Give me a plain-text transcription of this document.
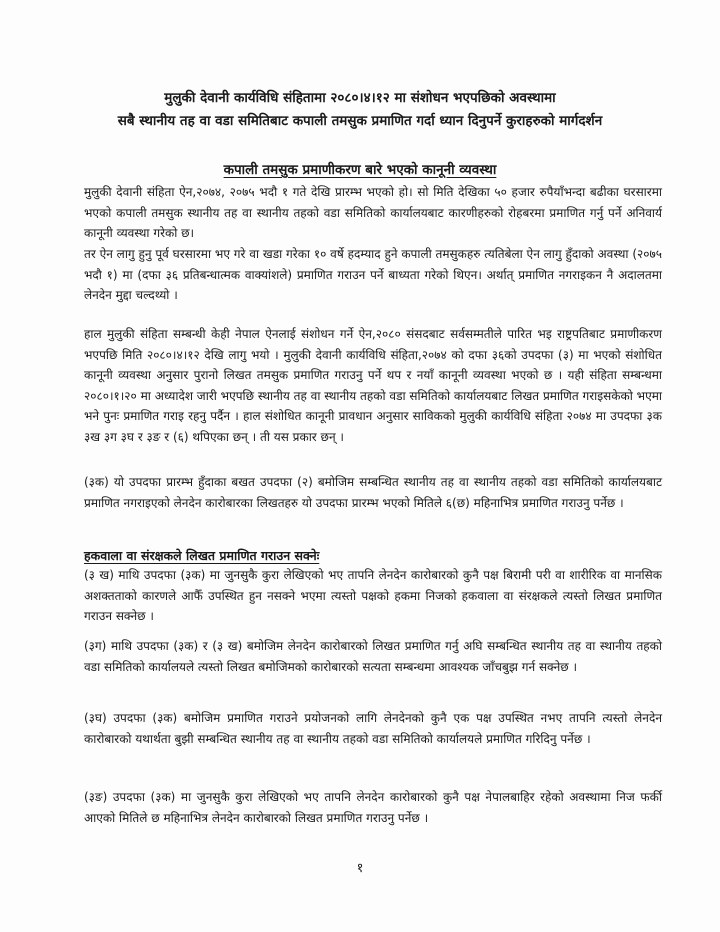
मुलुकी देवानी कार्यविधि संहितामा २०८०।४।१२ मा संशोधन भएपछिको अवस्थामा
सबै स्थानीय तह वा वडा समितिबाट कपाली तमसुक प्रमाणित गर्दा ध्यान दिनुपर्ने कुराहरुको मार्गदर्शन
कपाली तमसुक प्रमाणीकरण बारे भएको कानूनी व्यवस्था

मुलुकी देवानी संहिता ऐन,२०७४, २०७५ भदौ १ गते देखि प्रारम्भ भएको हो। सो मिति देखिका ५० हजार रुपैयाँभन्दा बढीका घरसारमा भएको कपाली तमसुक स्थानीय तह वा स्थानीय तहको वडा समितिको कार्यालयबाट कारणीहरुको रोहबरमा प्रमाणित गर्नु पर्ने अनिवार्य कानूनी व्यवस्था गरेको छ।

तर ऐन लागु हुनु पूर्व घरसारमा भए गरे वा खडा गरेका १० वर्षे हदम्याद हुने कपाली तमसुकहरु त्यतिबेला ऐन लागु हुँदाको अवस्था (२०७५ भदौ १) मा (दफा ३६ प्रतिबन्धात्मक वाक्यांशले) प्रमाणित गराउन पर्ने बाध्यता गरेको थिएन। अर्थात् प्रमाणित नगराइकन नै अदालतमा लेनदेन मुद्दा चल्दथ्यो ।

हाल मुलुकी संहिता सम्बन्धी केही नेपाल ऐनलाई संशोधन गर्ने ऐन,२०८० संसदबाट सर्वसम्मतीले पारित भइ राष्ट्रपतिबाट प्रमाणीकरण भएपछि मिति २०८०।४।१२ देखि लागु भयो । मुलुकी देवानी कार्यविधि संहिता,२०७४ को दफा ३६को उपदफा (३) मा भएको संशोधित कानूनी व्यवस्था अनुसार पुरानो लिखत तमसुक प्रमाणित गराउनु पर्ने थप र नयाँ कानूनी व्यवस्था भएको छ । यही संहिता सम्बन्धमा २०८०।१।२० मा अध्यादेश जारी भएपछि स्थानीय तह वा स्थानीय तहको वडा समितिको कार्यालयबाट लिखत प्रमाणित गराइसकेको भएमा भने पुनः प्रमाणित गराइ रहनु पर्दैन । हाल संशोधित कानूनी प्रावधान अनुसार साविकको मुलुकी कार्यविधि संहिता २०७४ मा उपदफा ३क ३ख ३ग ३घ र ३ङ र (६) थपिएका छन् । ती यस प्रकार छन् ।

(३क) यो उपदफा प्रारम्भ हुँदाका बखत उपदफा (२) बमोजिम सम्बन्धित स्थानीय तह वा स्थानीय तहको वडा समितिको कार्यालयबाट प्रमाणित नगराइएको लेनदेन कारोबारका लिखतहरु यो उपदफा प्रारम्भ भएको मितिले ६(छ) महिनाभित्र प्रमाणित गराउनु पर्नेछ ।

हकवाला वा संरक्षकले लिखत प्रमाणित गराउन सक्नेः

(३ ख) माथि उपदफा (३क) मा जुनसुकै कुरा लेखिएको भए तापनि लेनदेन कारोबारको कुनै पक्ष बिरामी परी वा शारीरिक वा मानसिक अशक्तताको कारणले आफैँ उपस्थित हुन नसक्ने भएमा त्यस्तो पक्षको हकमा निजको हकवाला वा संरक्षकले त्यस्तो लिखत प्रमाणित गराउन सक्नेछ ।

(३ग) माथि उपदफा (३क) र (३ ख) बमोजिम लेनदेन कारोबारको लिखत प्रमाणित गर्नु अघि सम्बन्धित स्थानीय तह वा स्थानीय तहको वडा समितिको कार्यालयले त्यस्तो लिखत बमोजिमको कारोबारको सत्यता सम्बन्धमा आवश्यक जाँचबुझ गर्न सक्नेछ ।

(३घ) उपदफा (३क) बमोजिम प्रमाणित गराउने प्रयोजनको लागि लेनदेनको कुनै एक पक्ष उपस्थित नभए तापनि त्यस्तो लेनदेन कारोबारको यथार्थता बुझी सम्बन्धित स्थानीय तह वा स्थानीय तहको वडा समितिको कार्यालयले प्रमाणित गरिदिनु पर्नेछ ।

(३ङ) उपदफा (३क) मा जुनसुकै कुरा लेखिएको भए तापनि लेनदेन कारोबारको कुनै पक्ष नेपालबाहिर रहेको अवस्थामा निज फर्की आएको मितिले छ महिनाभित्र लेनदेन कारोबारको लिखत प्रमाणित गराउनु पर्नेछ ।

१
